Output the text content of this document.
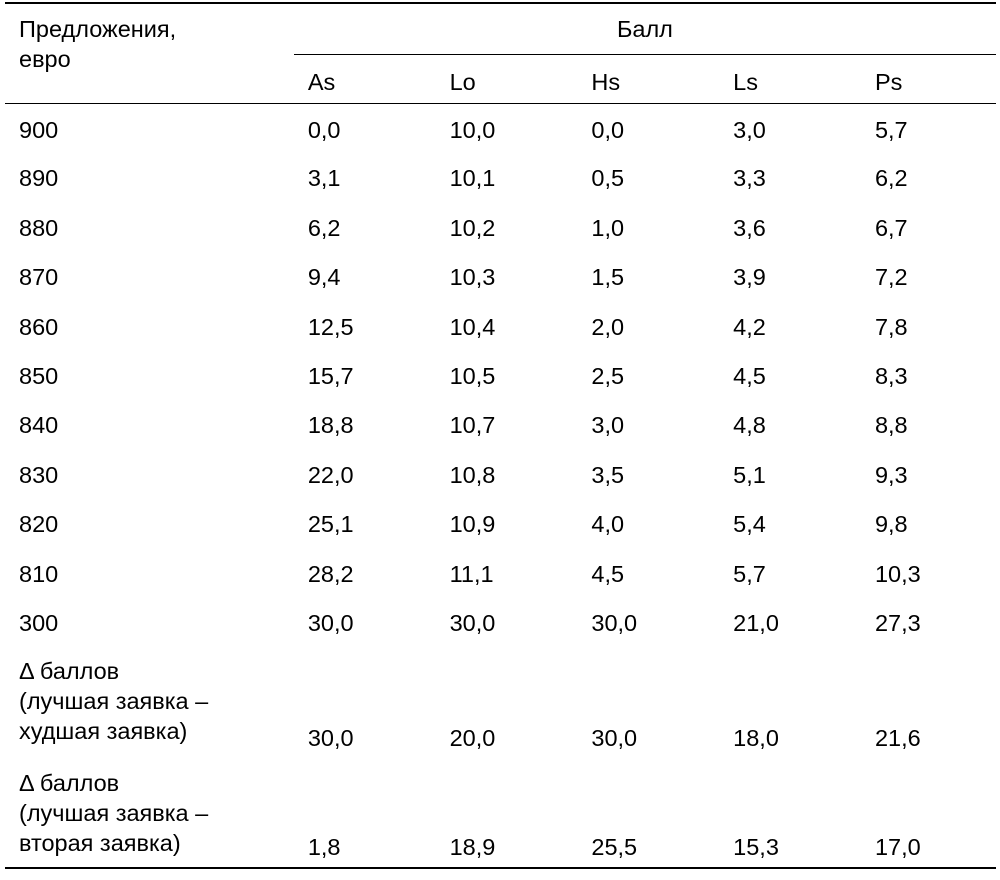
Предложения,
евро	Балл				
	As	Lo	Hs	Ls	Ps
900	0,0	10,0	0,0	3,0	5,7
890	3,1	10,1	0,5	3,3	6,2
880	6,2	10,2	1,0	3,6	6,7
870	9,4	10,3	1,5	3,9	7,2
860	12,5	10,4	2,0	4,2	7,8
850	15,7	10,5	2,5	4,5	8,3
840	18,8	10,7	3,0	4,8	8,8
830	22,0	10,8	3,5	5,1	9,3
820	25,1	10,9	4,0	5,4	9,8
810	28,2	11,1	4,5	5,7	10,3
300	30,0	30,0	30,0	21,0	27,3
Δ баллов
(лучшая заявка –
худшая заявка)	30,0	20,0	30,0	18,0	21,6
Δ баллов
(лучшая заявка –
вторая заявка)	1,8	18,9	25,5	15,3	17,0
